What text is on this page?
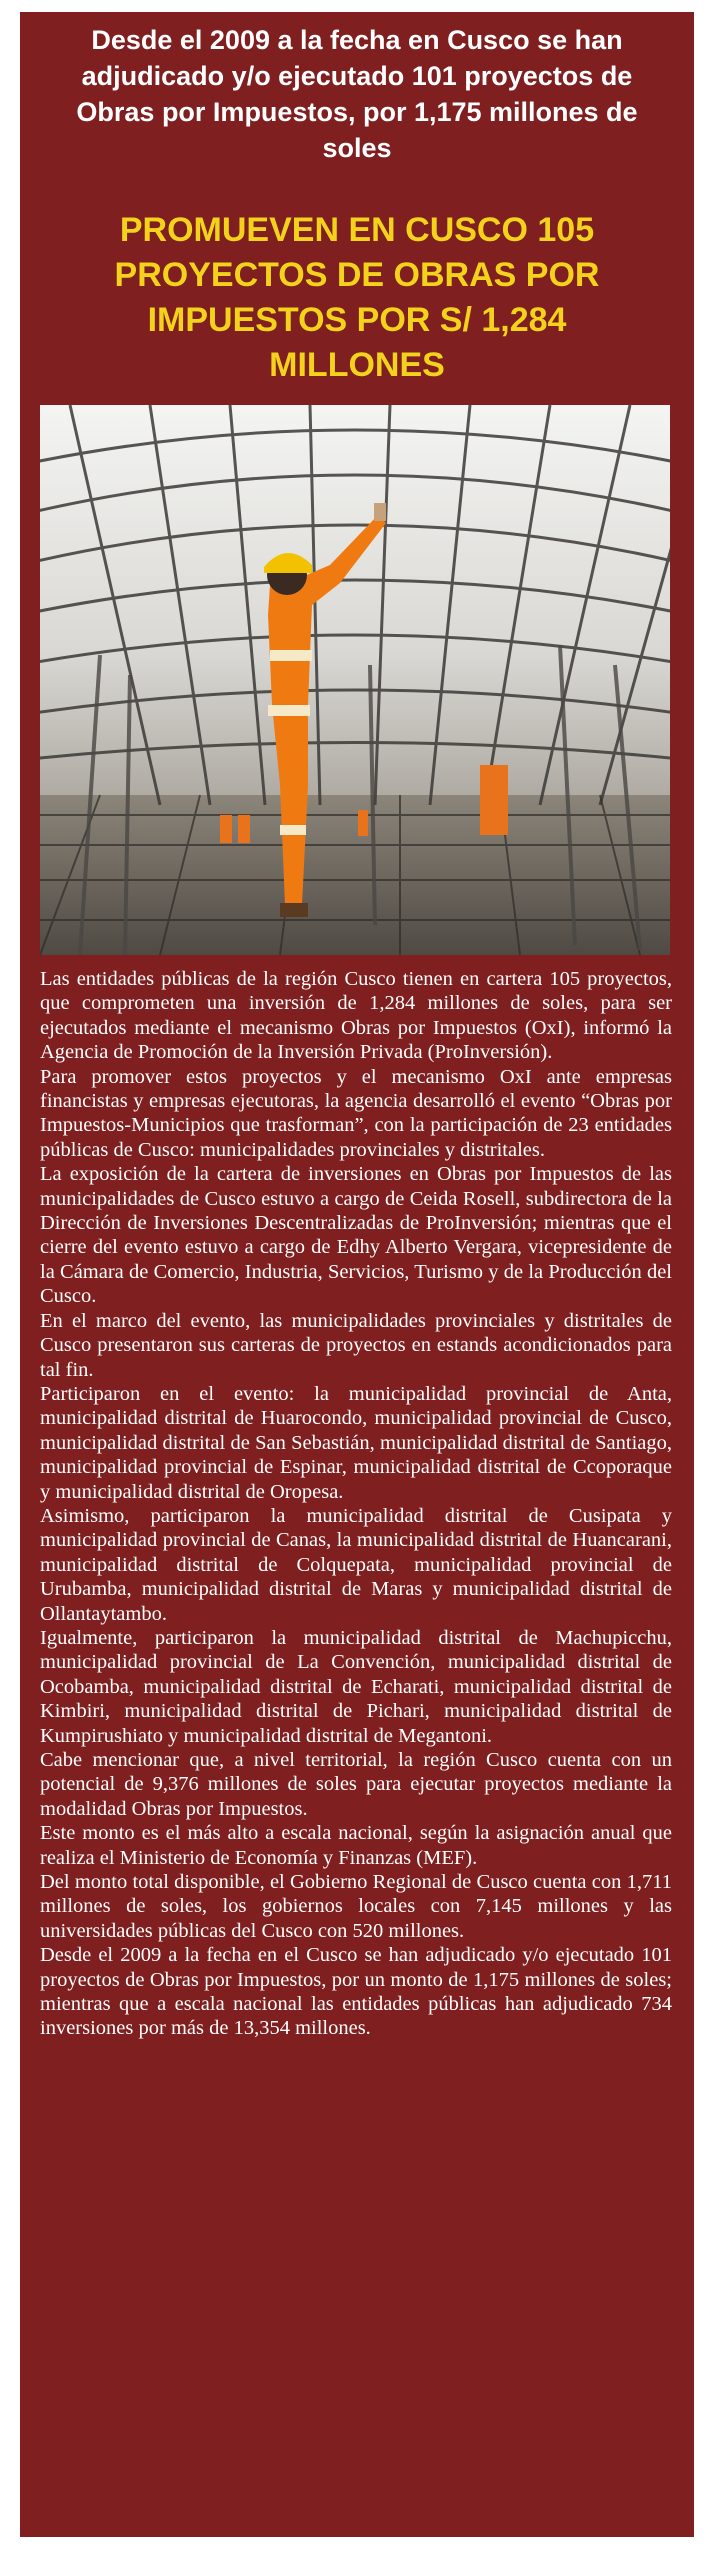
Desde el 2009 a la fecha en Cusco se han adjudicado y/o ejecutado 101 proyectos de Obras por Impuestos, por 1,175 millones de soles
PROMUEVEN EN CUSCO 105 PROYECTOS DE OBRAS POR IMPUESTOS POR S/ 1,284 MILLONES

Las entidades públicas de la región Cusco tienen en cartera 105 proyectos, que comprometen una inversión de 1,284 millones de soles, para ser ejecutados mediante el mecanismo Obras por Impuestos (OxI), informó la Agencia de Promoción de la Inversión Privada (ProInversión).

Para promover estos proyectos y el mecanismo OxI ante empresas financistas y empresas ejecutoras, la agencia desarrolló el evento “Obras por Impuestos-Municipios que trasforman”, con la participación de 23 entidades públicas de Cusco: municipalidades provinciales y distritales.

La exposición de la cartera de inversiones en Obras por Impuestos de las municipalidades de Cusco estuvo a cargo de Ceida Rosell, subdirectora de la Dirección de Inversiones Descentralizadas de ProInversión; mientras que el cierre del evento estuvo a cargo de Edhy Alberto Vergara, vicepresidente de la Cámara de Comercio, Industria, Servicios, Turismo y de la Producción del Cusco.

En el marco del evento, las municipalidades provinciales y distritales de Cusco presentaron sus carteras de proyectos en estands acondicionados para tal fin.

Participaron en el evento: la municipalidad provincial de Anta, municipalidad distrital de Huarocondo, municipalidad provincial de Cusco, municipalidad distrital de San Sebastián, municipalidad distrital de Santiago, municipalidad provincial de Espinar, municipalidad distrital de Ccoporaque y municipalidad distrital de Oropesa.

Asimismo, participaron la municipalidad distrital de Cusipata y municipalidad provincial de Canas, la municipalidad distrital de Huancarani, municipalidad distrital de Colquepata, municipalidad provincial de Urubamba, municipalidad distrital de Maras y municipalidad distrital de Ollantaytambo.

Igualmente, participaron la municipalidad distrital de Machupicchu, municipalidad provincial de La Convención, municipalidad distrital de Ocobamba, municipalidad distrital de Echarati, municipalidad distrital de Kimbiri, municipalidad distrital de Pichari, municipalidad distrital de Kumpirushiato y municipalidad distrital de Megantoni.

Cabe mencionar que, a nivel territorial, la región Cusco cuenta con un potencial de 9,376 millones de soles para ejecutar proyectos mediante la modalidad Obras por Impuestos.

Este monto es el más alto a escala nacional, según la asignación anual que realiza el Ministerio de Economía y Finanzas (MEF).

Del monto total disponible, el Gobierno Regional de Cusco cuenta con 1,711 millones de soles, los gobiernos locales con 7,145 millones y las universidades públicas del Cusco con 520 millones.

Desde el 2009 a la fecha en el Cusco se han adjudicado y/o ejecutado 101 proyectos de Obras por Impuestos, por un monto de 1,175 millones de soles; mientras que a escala nacional las entidades públicas han adjudicado 734 inversiones por más de 13,354 millones.
